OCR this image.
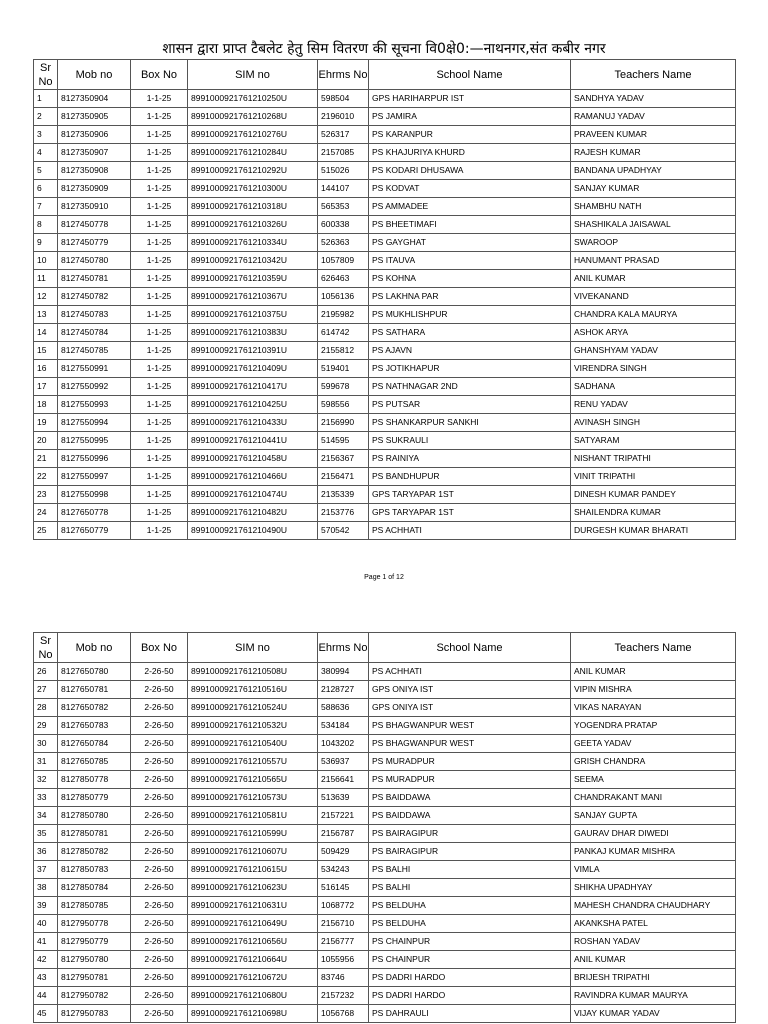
शासन द्वारा प्राप्त टैबलेट हेतु सिम वितरण की सूचना वि0क्षे0:—नाथनगर,संत कबीर नगर
Sr No	Mob no	Box No	SIM no	Ehrms No	School Name	Teachers Name
1	8127350904	1-1-25	8991000921761210250U	598504	GPS HARIHARPUR IST	SANDHYA YADAV
2	8127350905	1-1-25	8991000921761210268U	2196010	PS JAMIRA	RAMANUJ YADAV
3	8127350906	1-1-25	8991000921761210276U	526317	PS KARANPUR	PRAVEEN KUMAR
4	8127350907	1-1-25	8991000921761210284U	2157085	PS KHAJURIYA KHURD	RAJESH KUMAR
5	8127350908	1-1-25	8991000921761210292U	515026	PS KODARI DHUSAWA	BANDANA UPADHYAY
6	8127350909	1-1-25	8991000921761210300U	144107	PS KODVAT	SANJAY KUMAR
7	8127350910	1-1-25	8991000921761210318U	565353	PS AMMADEE	SHAMBHU NATH
8	8127450778	1-1-25	8991000921761210326U	600338	PS BHEETIMAFI	SHASHIKALA JAISAWAL
9	8127450779	1-1-25	8991000921761210334U	526363	PS GAYGHAT	SWAROOP
10	8127450780	1-1-25	8991000921761210342U	1057809	PS ITAUVA	HANUMANT PRASAD
11	8127450781	1-1-25	8991000921761210359U	626463	PS KOHNA	ANIL KUMAR
12	8127450782	1-1-25	8991000921761210367U	1056136	PS LAKHNA PAR	VIVEKANAND
13	8127450783	1-1-25	8991000921761210375U	2195982	PS MUKHLISHPUR	CHANDRA KALA MAURYA
14	8127450784	1-1-25	8991000921761210383U	614742	PS SATHARA	ASHOK ARYA
15	8127450785	1-1-25	8991000921761210391U	2155812	PS AJAVN	GHANSHYAM YADAV
16	8127550991	1-1-25	8991000921761210409U	519401	PS JOTIKHAPUR	VIRENDRA SINGH
17	8127550992	1-1-25	8991000921761210417U	599678	PS NATHNAGAR 2ND	SADHANA
18	8127550993	1-1-25	8991000921761210425U	598556	PS PUTSAR	RENU YADAV
19	8127550994	1-1-25	8991000921761210433U	2156990	PS SHANKARPUR SANKHI	AVINASH SINGH
20	8127550995	1-1-25	8991000921761210441U	514595	PS SUKRAULI	SATYARAM
21	8127550996	1-1-25	8991000921761210458U	2156367	PS RAINIYA	NISHANT TRIPATHI
22	8127550997	1-1-25	8991000921761210466U	2156471	PS BANDHUPUR	VINIT TRIPATHI
23	8127550998	1-1-25	8991000921761210474U	2135339	GPS TARYAPAR 1ST	DINESH KUMAR PANDEY
24	8127650778	1-1-25	8991000921761210482U	2153776	GPS TARYAPAR 1ST	SHAILENDRA KUMAR
25	8127650779	1-1-25	8991000921761210490U	570542	PS ACHHATI	DURGESH KUMAR BHARATI
Page 1 of 12
Sr No	Mob no	Box No	SIM no	Ehrms No	School Name	Teachers Name
26	8127650780	2-26-50	8991000921761210508U	380994	PS ACHHATI	ANIL KUMAR
27	8127650781	2-26-50	8991000921761210516U	2128727	GPS ONIYA IST	VIPIN MISHRA
28	8127650782	2-26-50	8991000921761210524U	588636	GPS ONIYA IST	VIKAS NARAYAN
29	8127650783	2-26-50	8991000921761210532U	534184	PS BHAGWANPUR WEST	YOGENDRA PRATAP
30	8127650784	2-26-50	8991000921761210540U	1043202	PS BHAGWANPUR WEST	GEETA YADAV
31	8127650785	2-26-50	8991000921761210557U	536937	PS MURADPUR	GRISH CHANDRA
32	8127850778	2-26-50	8991000921761210565U	2156641	PS MURADPUR	SEEMA
33	8127850779	2-26-50	8991000921761210573U	513639	PS BAIDDAWA	CHANDRAKANT MANI
34	8127850780	2-26-50	8991000921761210581U	2157221	PS BAIDDAWA	SANJAY GUPTA
35	8127850781	2-26-50	8991000921761210599U	2156787	PS BAIRAGIPUR	GAURAV DHAR DIWEDI
36	8127850782	2-26-50	8991000921761210607U	509429	PS BAIRAGIPUR	PANKAJ KUMAR MISHRA
37	8127850783	2-26-50	8991000921761210615U	534243	PS BALHI	VIMLA
38	8127850784	2-26-50	8991000921761210623U	516145	PS BALHI	SHIKHA UPADHYAY
39	8127850785	2-26-50	8991000921761210631U	1068772	PS BELDUHA	MAHESH CHANDRA CHAUDHARY
40	8127950778	2-26-50	8991000921761210649U	2156710	PS BELDUHA	AKANKSHA PATEL
41	8127950779	2-26-50	8991000921761210656U	2156777	PS CHAINPUR	ROSHAN YADAV
42	8127950780	2-26-50	8991000921761210664U	1055956	PS CHAINPUR	ANIL KUMAR
43	8127950781	2-26-50	8991000921761210672U	83746	PS DADRI HARDO	BRIJESH TRIPATHI
44	8127950782	2-26-50	8991000921761210680U	2157232	PS DADRI HARDO	RAVINDRA KUMAR MAURYA
45	8127950783	2-26-50	8991000921761210698U	1056768	PS DAHRAULI	VIJAY KUMAR YADAV
